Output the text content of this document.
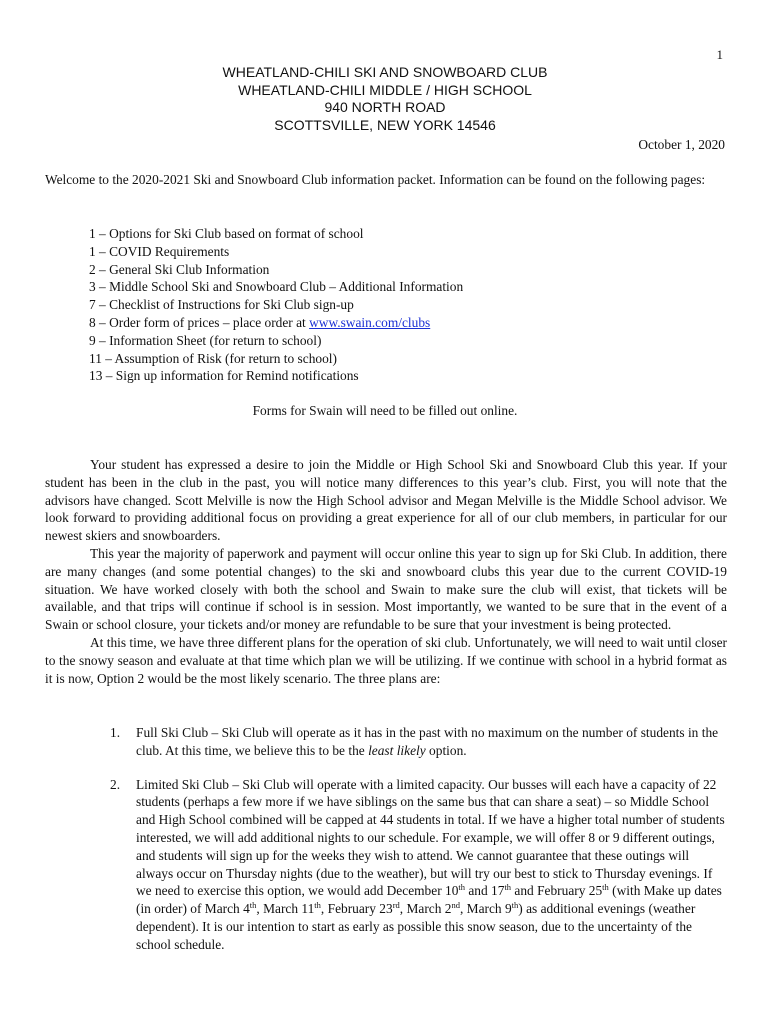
1
WHEATLAND-CHILI SKI AND SNOWBOARD CLUB
WHEATLAND-CHILI MIDDLE / HIGH SCHOOL
940 NORTH ROAD
SCOTTSVILLE, NEW YORK 14546
October 1, 2020
Welcome to the 2020-2021 Ski and Snowboard Club information packet. Information can be found on the following pages:
1 – Options for Ski Club based on format of school
1 – COVID Requirements
2 – General Ski Club Information
3 – Middle School Ski and Snowboard Club – Additional Information
7 – Checklist of Instructions for Ski Club sign-up
8 – Order form of prices – place order at www.swain.com/clubs
9 – Information Sheet (for return to school)
11 – Assumption of Risk (for return to school)
13 – Sign up information for Remind notifications
Forms for Swain will need to be filled out online.

Your student has expressed a desire to join the Middle or High School Ski and Snowboard Club this year. If your student has been in the club in the past, you will notice many differences to this year’s club. First, you will note that the advisors have changed. Scott Melville is now the High School advisor and Megan Melville is the Middle School advisor. We look forward to providing additional focus on providing a great experience for all of our club members, in particular for our newest skiers and snowboarders.

This year the majority of paperwork and payment will occur online this year to sign up for Ski Club. In addition, there are many changes (and some potential changes) to the ski and snowboard clubs this year due to the current COVID-19 situation. We have worked closely with both the school and Swain to make sure the club will exist, that tickets will be available, and that trips will continue if school is in session. Most importantly, we wanted to be sure that in the event of a Swain or school closure, your tickets and/or money are refundable to be sure that your investment is being protected.

At this time, we have three different plans for the operation of ski club. Unfortunately, we will need to wait until closer to the snowy season and evaluate at that time which plan we will be utilizing. If we continue with school in a hybrid format as it is now, Option 2 would be the most likely scenario. The three plans are:

1. Full Ski Club – Ski Club will operate as it has in the past with no maximum on the number of students in the club. At this time, we believe this to be the least likely option.
2. Limited Ski Club – Ski Club will operate with a limited capacity. Our busses will each have a capacity of 22 students (perhaps a few more if we have siblings on the same bus that can share a seat) – so Middle School and High School combined will be capped at 44 students in total. If we have a higher total number of students interested, we will add additional nights to our schedule. For example, we will offer 8 or 9 different outings, and students will sign up for the weeks they wish to attend. We cannot guarantee that these outings will always occur on Thursday nights (due to the weather), but will try our best to stick to Thursday evenings. If we need to exercise this option, we would add December 10th and 17th and February 25th (with Make up dates (in order) of March 4th, March 11th, February 23rd, March 2nd, March 9th) as additional evenings (weather dependent). It is our intention to start as early as possible this snow season, due to the uncertainty of the school schedule.
